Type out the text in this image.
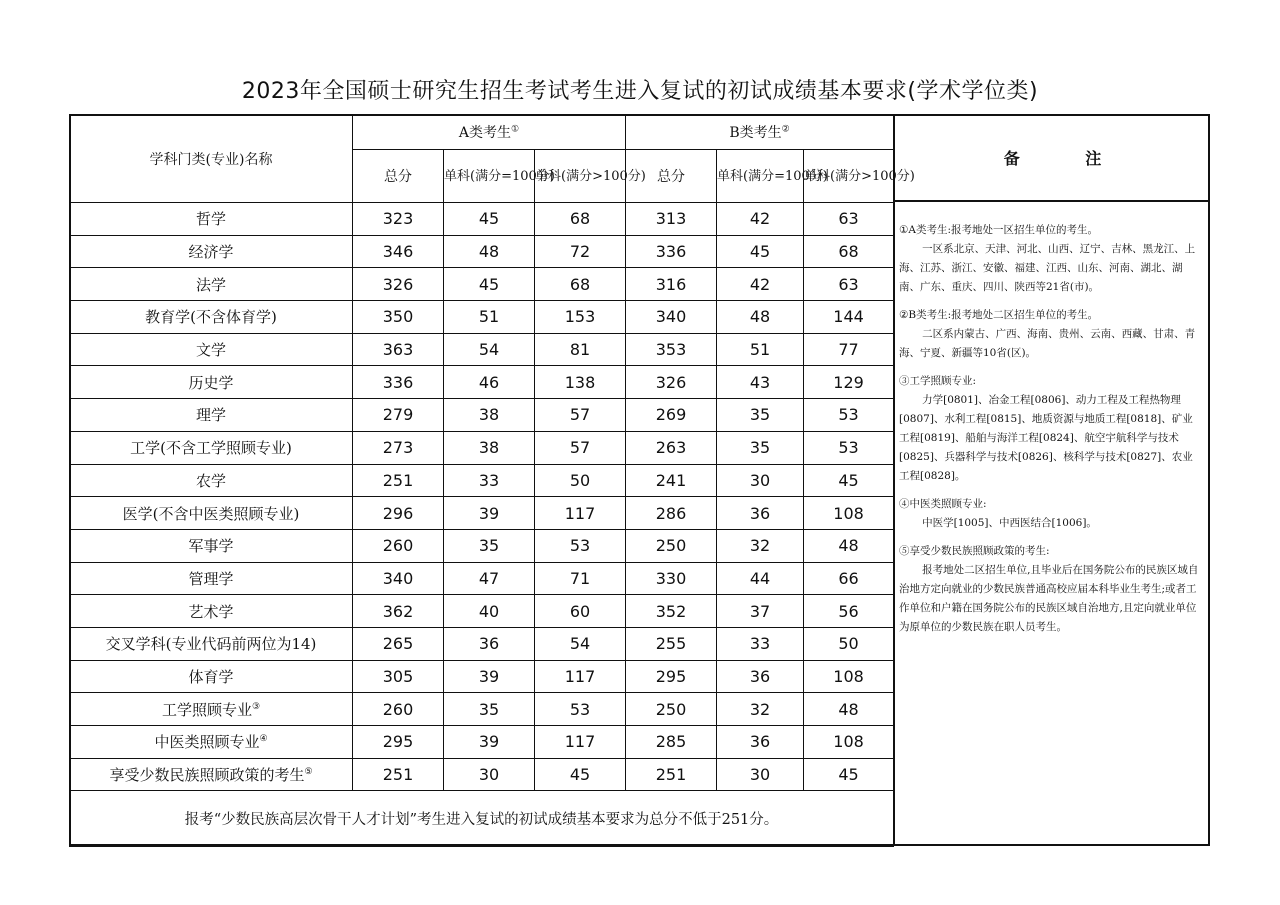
2023年全国硕士研究生招生考试考生进入复试的初试成绩基本要求(学术学位类)
学科门类(专业)名称	A类考生①			B类考生②
	总分	单科(满分=100分)	单科(满分>100分)	总分	单科(满分=100分)	单科(满分>100分)
哲学	323	45	68	313	42	63
经济学	346	48	72	336	45	68
法学	326	45	68	316	42	63
教育学(不含体育学)	350	51	153	340	48	144
文学	363	54	81	353	51	77
历史学	336	46	138	326	43	129
理学	279	38	57	269	35	53
工学(不含工学照顾专业)	273	38	57	263	35	53
农学	251	33	50	241	30	45
医学(不含中医类照顾专业)	296	39	117	286	36	108
军事学	260	35	53	250	32	48
管理学	340	47	71	330	44	66
艺术学	362	40	60	352	37	56
交叉学科(专业代码前两位为14)	265	36	54	255	33	50
体育学	305	39	117	295	36	108
工学照顾专业③	260	35	53	250	32	48
中医类照顾专业④	295	39	117	285	36	108
享受少数民族照顾政策的考生⑤	251	30	45	251	30	45
报考“少数民族高层次骨干人才计划”考生进入复试的初试成绩基本要求为总分不低于251分。						
备 注
①A类考生:报考地处一区招生单位的考生。
一区系北京、天津、河北、山西、辽宁、吉林、黑龙江、上海、江苏、浙江、安徽、福建、江西、山东、河南、湖北、湖南、广东、重庆、四川、陕西等21省(市)。
②B类考生:报考地处二区招生单位的考生。
二区系内蒙古、广西、海南、贵州、云南、西藏、甘肃、青海、宁夏、新疆等10省(区)。
③工学照顾专业:
力学[0801]、冶金工程[0806]、动力工程及工程热物理[0807]、水利工程[0815]、地质资源与地质工程[0818]、矿业工程[0819]、船舶与海洋工程[0824]、航空宇航科学与技术[0825]、兵器科学与技术[0826]、核科学与技术[0827]、农业工程[0828]。
④中医类照顾专业:
中医学[1005]、中西医结合[1006]。
⑤享受少数民族照顾政策的考生:
报考地处二区招生单位,且毕业后在国务院公布的民族区域自治地方定向就业的少数民族普通高校应届本科毕业生考生;或者工作单位和户籍在国务院公布的民族区域自治地方,且定向就业单位为原单位的少数民族在职人员考生。
